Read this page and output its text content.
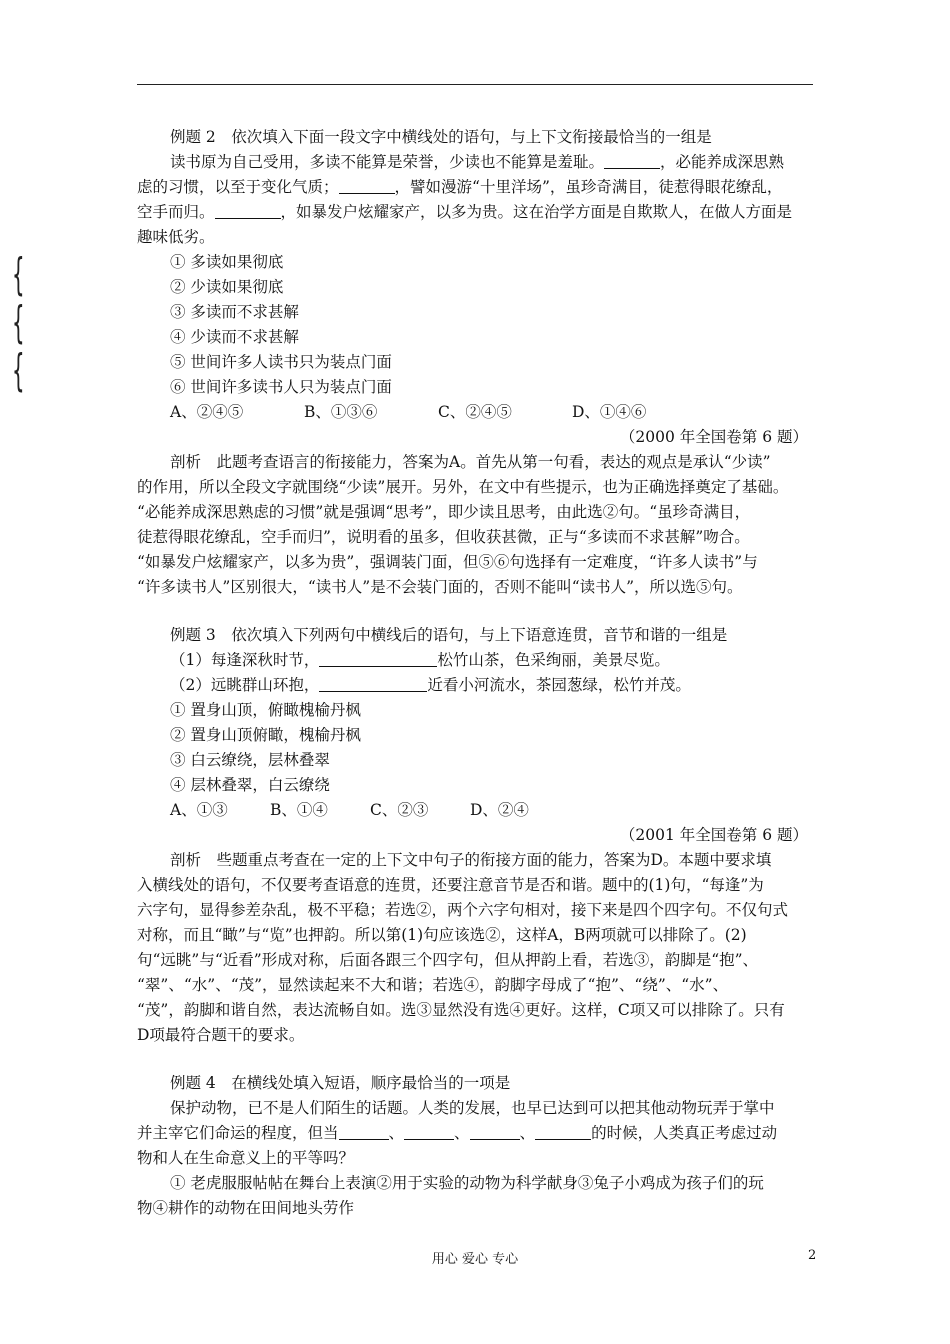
{
{
{
例题 2　依次填入下面一段文字中横线处的语句，与上下文衔接最恰当的一组是
读书原为自己受用，多读不能算是荣誉，少读也不能算是羞耻。	，必能养成深思熟
虑的习惯，以至于变化气质；	，譬如漫游“十里洋场”，虽珍奇满目，徒惹得眼花缭乱，
空手而归。	，如暴发户炫耀家产，以多为贵。这在治学方面是自欺欺人，在做人方面是
趣味低劣。
① 多读如果彻底
② 少读如果彻底
③ 多读而不求甚解
④ 少读而不求甚解
⑤ 世间许多人读书只为装点门面
⑥ 世间许多读书人只为装点门面
A、②④⑤	B、①③⑥	C、②④⑤	D、①④⑥
（2000 年全国卷第 6 题）
剖析　此题考查语言的衔接能力，答案为A。首先从第一句看，表达的观点是承认“少读”
的作用，所以全段文字就围绕“少读”展开。另外，在文中有些提示，也为正确选择奠定了基础。
“必能养成深思熟虑的习惯”就是强调“思考”，即少读且思考，由此选②句。“虽珍奇满目，
徒惹得眼花缭乱，空手而归”，说明看的虽多，但收获甚微，正与“多读而不求甚解”吻合。
“如暴发户炫耀家产，以多为贵”，强调装门面，但⑤⑥句选择有一定难度，“许多人读书”与
“许多读书人”区别很大，“读书人”是不会装门面的，否则不能叫“读书人”，所以选⑤句。
例题 3　依次填入下列两句中横线后的语句，与上下语意连贯，音节和谐的一组是
（1）每逢深秋时节，	松竹山茶，色采绚丽，美景尽览。
（2）远眺群山环抱，	近看小河流水，茶园葱绿，松竹并茂。
① 置身山顶，俯瞰槐榆丹枫
② 置身山顶俯瞰，槐榆丹枫
③ 白云缭绕，层林叠翠
④ 层林叠翠，白云缭绕
A、①③	B、①④	C、②③	D、②④
（2001 年全国卷第 6 题）
剖析　些题重点考查在一定的上下文中句子的衔接方面的能力，答案为D。本题中要求填
入横线处的语句，不仅要考查语意的连贯，还要注意音节是否和谐。题中的(1)句，“每逢”为
六字句，显得参差杂乱，极不平稳；若选②，两个六字句相对，接下来是四个四字句。不仅句式
对称，而且“瞰”与“览”也押韵。所以第(1)句应该选②，这样A，B两项就可以排除了。(2)
句“远眺”与“近看”形成对称，后面各跟三个四字句，但从押韵上看，若选③，韵脚是“抱”、
“翠”、“水”、“茂”，显然读起来不大和谐；若选④，韵脚字母成了“抱”、“绕”、“水”、
“茂”，韵脚和谐自然，表达流畅自如。选③显然没有选④更好。这样，C项又可以排除了。只有
D项最符合题干的要求。
例题 4　在横线处填入短语，顺序最恰当的一项是
保护动物，已不是人们陌生的话题。人类的发展，也早已达到可以把其他动物玩弄于掌中
并主宰它们命运的程度，但当	、	、	、	的时候，人类真正考虑过动
物和人在生命意义上的平等吗？
① 老虎服服帖帖在舞台上表演②用于实验的动物为科学献身③兔子小鸡成为孩子们的玩
物④耕作的动物在田间地头劳作
用心 爱心 专心	2
